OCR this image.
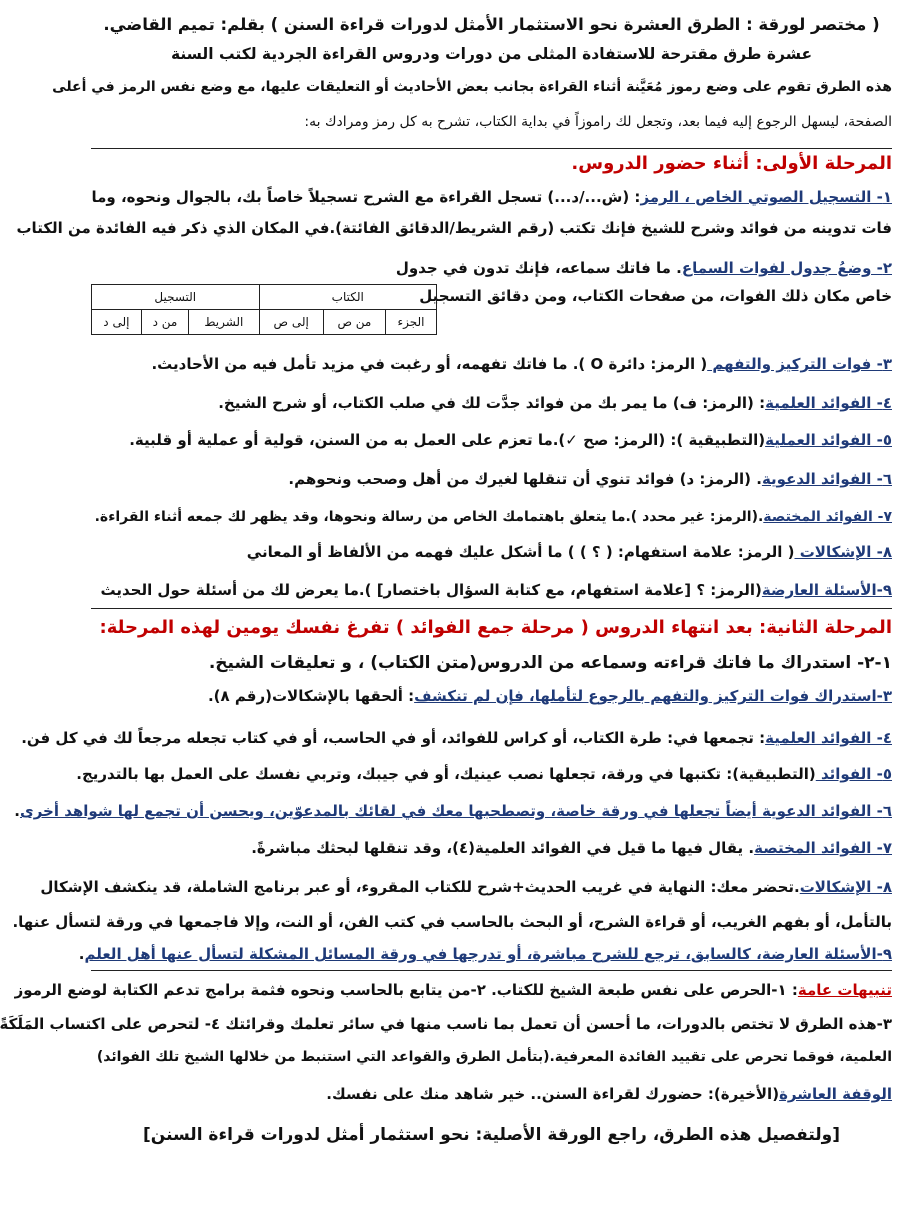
( مختصر لورقة : الطرق العشرة نحو الاستثمار الأمثل لدورات قراءة السنن ) بقلم: تميم القاضي.
عشرة طرق مقترحة للاستفادة المثلى من دورات ودروس القراءة الجردية لكتب السنة
هذه الطرق تقوم على وضع رموز مُعَيَّنة أثناء القراءة بجانب بعض الأحاديث أو التعليقات عليها، مع وضع نفس الرمز في أعلى
الصفحة، ليسهل الرجوع إليه فيما بعد، وتجعل لك راموزاً في بداية الكتاب، تشرح به كل رمز ومرادك به:
المرحلة الأولى: أثناء حضور الدروس.
١- التسجيل الصوتي الخاص ، الرمز: (ش.../د...) تسجل القراءة مع الشرح تسجيلاً خاصاً بك، بالجوال ونحوه، وما
فات تدوينه من فوائد وشرح للشيخ فإنك تكتب (رقم الشريط/الدقائق الفائتة).في المكان الذي ذكر فيه الفائدة من الكتاب
٢- وضعُ جدول لفوات السماع. ما فاتك سماعه، فإنك تدون في جدول
خاص مكان ذلك الفوات، من صفحات الكتاب، ومن دقائق التسجيل
الكتاب			التسجيل		
الجزء	من ص	إلى ص	الشريط	من د	إلى د
٣- فوات التركيز والتفهم ( الرمز: دائرة O ). ما فاتك تفهمه، أو رغبت في مزيد تأمل فيه من الأحاديث.
٤- الفوائد العلمية: (الرمز: ف) ما يمر بك من فوائد جدَّت لك في صلب الكتاب، أو شرح الشيخ.
٥- الفوائد العملية(التطبيقية ): (الرمز: صح ✓).ما تعزم على العمل به من السنن، قولية أو عملية أو قلبية.
٦- الفوائد الدعوية. (الرمز: د) فوائد تنوي أن تنقلها لغيرك من أهل وصحب ونحوهم.
٧- الفوائد المختصة.(الرمز: غير محدد ).ما يتعلق باهتمامك الخاص من رسالة ونحوها، وقد يظهر لك جمعه أثناء القراءة.
٨- الإشكالات ( الرمز: علامة استفهام: ( ؟ ) ) ما أشكل عليك فهمه من الألفاظ أو المعاني
٩-الأسئلة العارضة(الرمز: ؟ [علامة استفهام، مع كتابة السؤال باختصار] ).ما يعرض لك من أسئلة حول الحديث
المرحلة الثانية: بعد انتهاء الدروس ( مرحلة جمع الفوائد ) تفرغ نفسك يومين لهذه المرحلة:
١-٢- استدراك ما فاتك قراءته وسماعه من الدروس(متن الكتاب) ، و تعليقات الشيخ.
٣-استدراك فوات التركيز والتفهم بالرجوع لتأملها، فإن لم تنكشف: ألحقها بالإشكالات(رقم ٨).
٤- الفوائد العلمية: تجمعها في: طرة الكتاب، أو كراس للفوائد، أو في الحاسب، أو في كتاب تجعله مرجعاً لك في كل فن.
٥- الفوائد (التطبيقية): تكتبها في ورقة، تجعلها نصب عينيك، أو في جيبك، وتربي نفسك على العمل بها بالتدريج.
٦- الفوائد الدعوية أيضاً تجعلها في ورقة خاصة، وتصطحبها معك في لقائك بالمدعوّين، ويحسن أن تجمع لها شواهد أخرى.
٧- الفوائد المختصة. يقال فيها ما قيل في الفوائد العلمية(٤)، وقد تنقلها لبحثك مباشرةً.
٨- الإشكالات.تحضر معك: النهاية في غريب الحديث+شرح للكتاب المقروء، أو عبر برنامج الشاملة، قد ينكشف الإشكال
بالتأمل، أو بفهم الغريب، أو قراءة الشرح، أو البحث بالحاسب في كتب الفن، أو النت، وإلا فاجمعها في ورقة لتسأل عنها.
٩-الأسئلة العارضة، كالسابق، ترجع للشرح مباشرة، أو تدرجها في ورقة المسائل المشكلة لتسأل عنها أهل العلم.
تنبيهات عامة: ١-الحرص على نفس طبعة الشيخ للكتاب. ٢-من يتابع بالحاسب ونحوه فثمة برامج تدعم الكتابة لوضع الرموز
٣-هذه الطرق لا تختص بالدورات، ما أحسن أن تعمل بما ناسب منها في سائر تعلمك وقرائتك ٤- لتحرص على اكتساب المَلَكَةً
العلمية، فوقما تحرص على تقييد الفائدة المعرفية.(بتأمل الطرق والقواعد التي استنبط من خلالها الشيخ تلك الفوائد)
الوقفة العاشرة(الأخيرة): حضورك لقراءة السنن.. خير شاهد منك على نفسك.
[ولتفصيل هذه الطرق، راجع الورقة الأصلية: نحو استثمار أمثل لدورات قراءة السنن]
